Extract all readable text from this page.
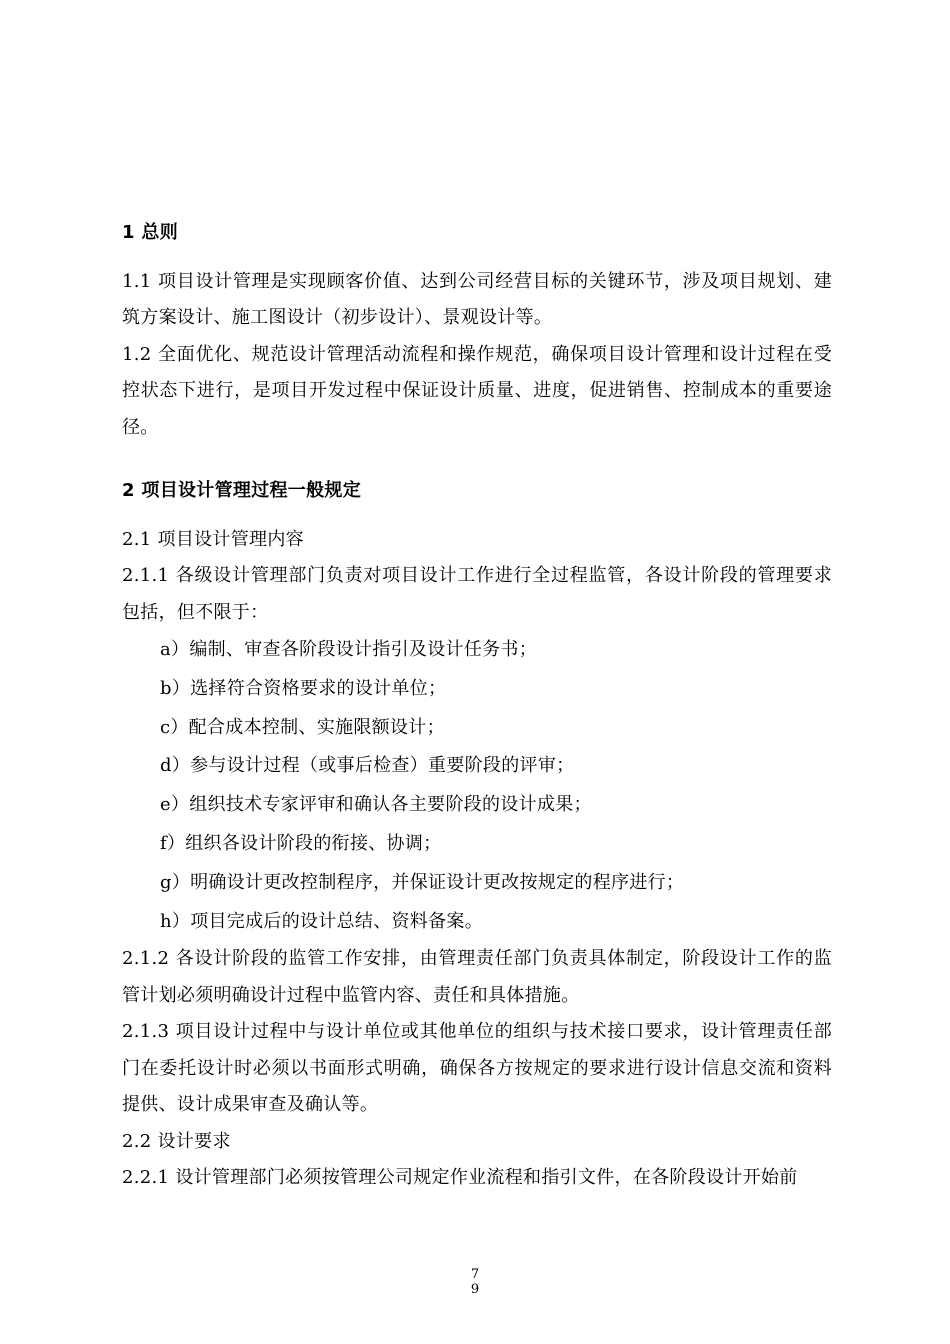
1 总则

1.1 项目设计管理是实现顾客价值、达到公司经营目标的关键环节，涉及项目规划、建筑方案设计、施工图设计（初步设计）、景观设计等。

1.2 全面优化、规范设计管理活动流程和操作规范，确保项目设计管理和设计过程在受控状态下进行，是项目开发过程中保证设计质量、进度，促进销售、控制成本的重要途径。

2 项目设计管理过程一般规定

2.1 项目设计管理内容

2.1.1 各级设计管理部门负责对项目设计工作进行全过程监管，各设计阶段的管理要求包括，但不限于：

a）编制、审查各阶段设计指引及设计任务书；

b）选择符合资格要求的设计单位；

c）配合成本控制、实施限额设计；

d）参与设计过程（或事后检查）重要阶段的评审；

e）组织技术专家评审和确认各主要阶段的设计成果；

f）组织各设计阶段的衔接、协调；

g）明确设计更改控制程序，并保证设计更改按规定的程序进行；

h）项目完成后的设计总结、资料备案。

2.1.2 各设计阶段的监管工作安排，由管理责任部门负责具体制定，阶段设计工作的监管计划必须明确设计过程中监管内容、责任和具体措施。

2.1.3 项目设计过程中与设计单位或其他单位的组织与技术接口要求，设计管理责任部门在委托设计时必须以书面形式明确，确保各方按规定的要求进行设计信息交流和资料提供、设计成果审查及确认等。

2.2 设计要求

2.2.1 设计管理部门必须按管理公司规定作业流程和指引文件，在各阶段设计开始前

7
9
